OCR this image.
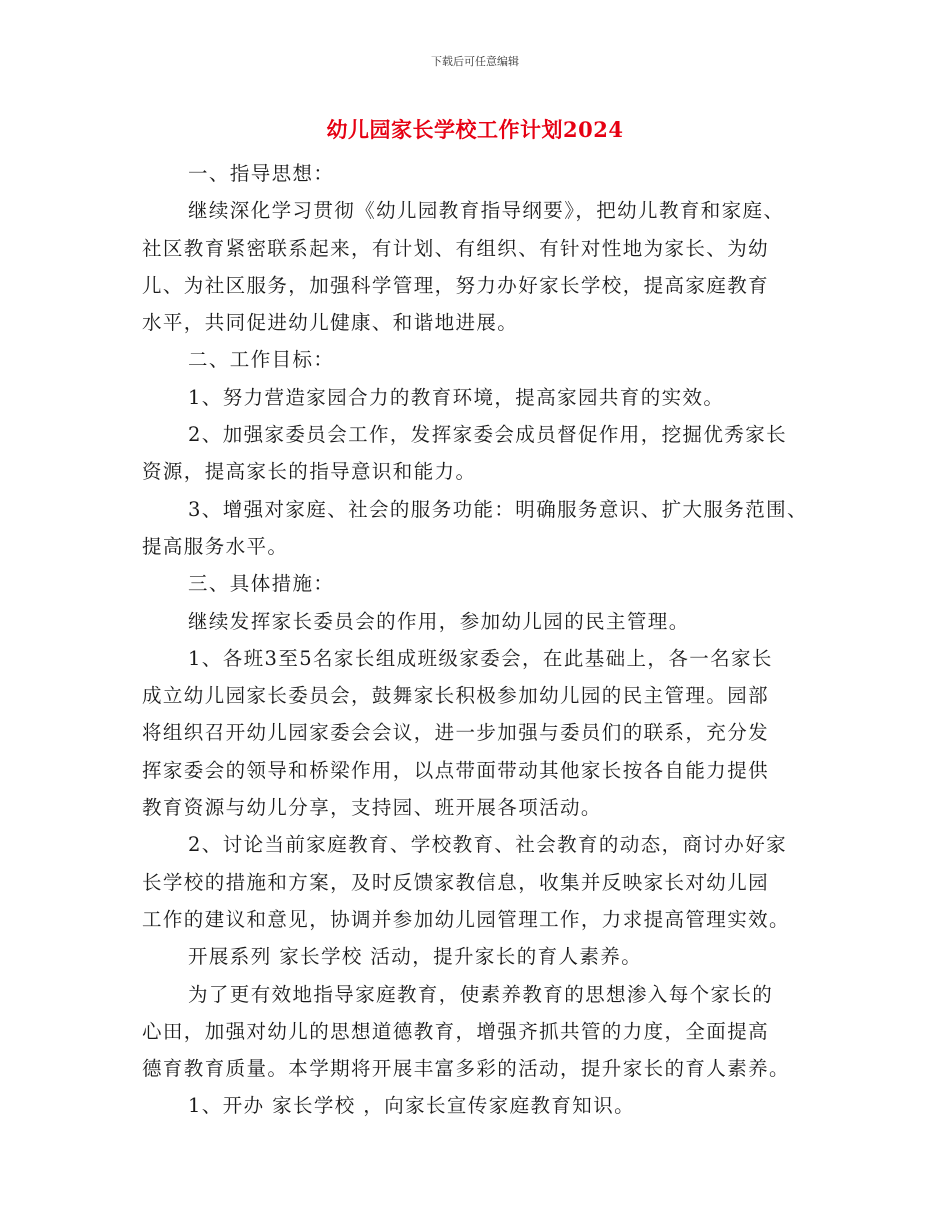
下载后可任意编辑
幼儿园家长学校工作计划2024
一、指导思想：
继续深化学习贯彻《幼儿园教育指导纲要》，把幼儿教育和家庭、
社区教育紧密联系起来，有计划、有组织、有针对性地为家长、为幼
儿、为社区服务，加强科学管理，努力办好家长学校，提高家庭教育
水平，共同促进幼儿健康、和谐地进展。
二、工作目标：
1、努力营造家园合力的教育环境，提高家园共育的实效。
2、加强家委员会工作，发挥家委会成员督促作用，挖掘优秀家长
资源，提高家长的指导意识和能力。
3、增强对家庭、社会的服务功能：明确服务意识、扩大服务范围、
提高服务水平。
三、具体措施：
继续发挥家长委员会的作用，参加幼儿园的民主管理。
1、各班3至5名家长组成班级家委会，在此基础上，各一名家长
成立幼儿园家长委员会，鼓舞家长积极参加幼儿园的民主管理。园部
将组织召开幼儿园家委会会议，进一步加强与委员们的联系，充分发
挥家委会的领导和桥梁作用，以点带面带动其他家长按各自能力提供
教育资源与幼儿分享，支持园、班开展各项活动。
2、讨论当前家庭教育、学校教育、社会教育的动态，商讨办好家
长学校的措施和方案，及时反馈家教信息，收集并反映家长对幼儿园
工作的建议和意见，协调并参加幼儿园管理工作，力求提高管理实效。
开展系列 家长学校 活动，提升家长的育人素养。
为了更有效地指导家庭教育，使素养教育的思想渗入每个家长的
心田，加强对幼儿的思想道德教育，增强齐抓共管的力度，全面提高
德育教育质量。本学期将开展丰富多彩的活动，提升家长的育人素养。
1、开办 家长学校 ，向家长宣传家庭教育知识。
